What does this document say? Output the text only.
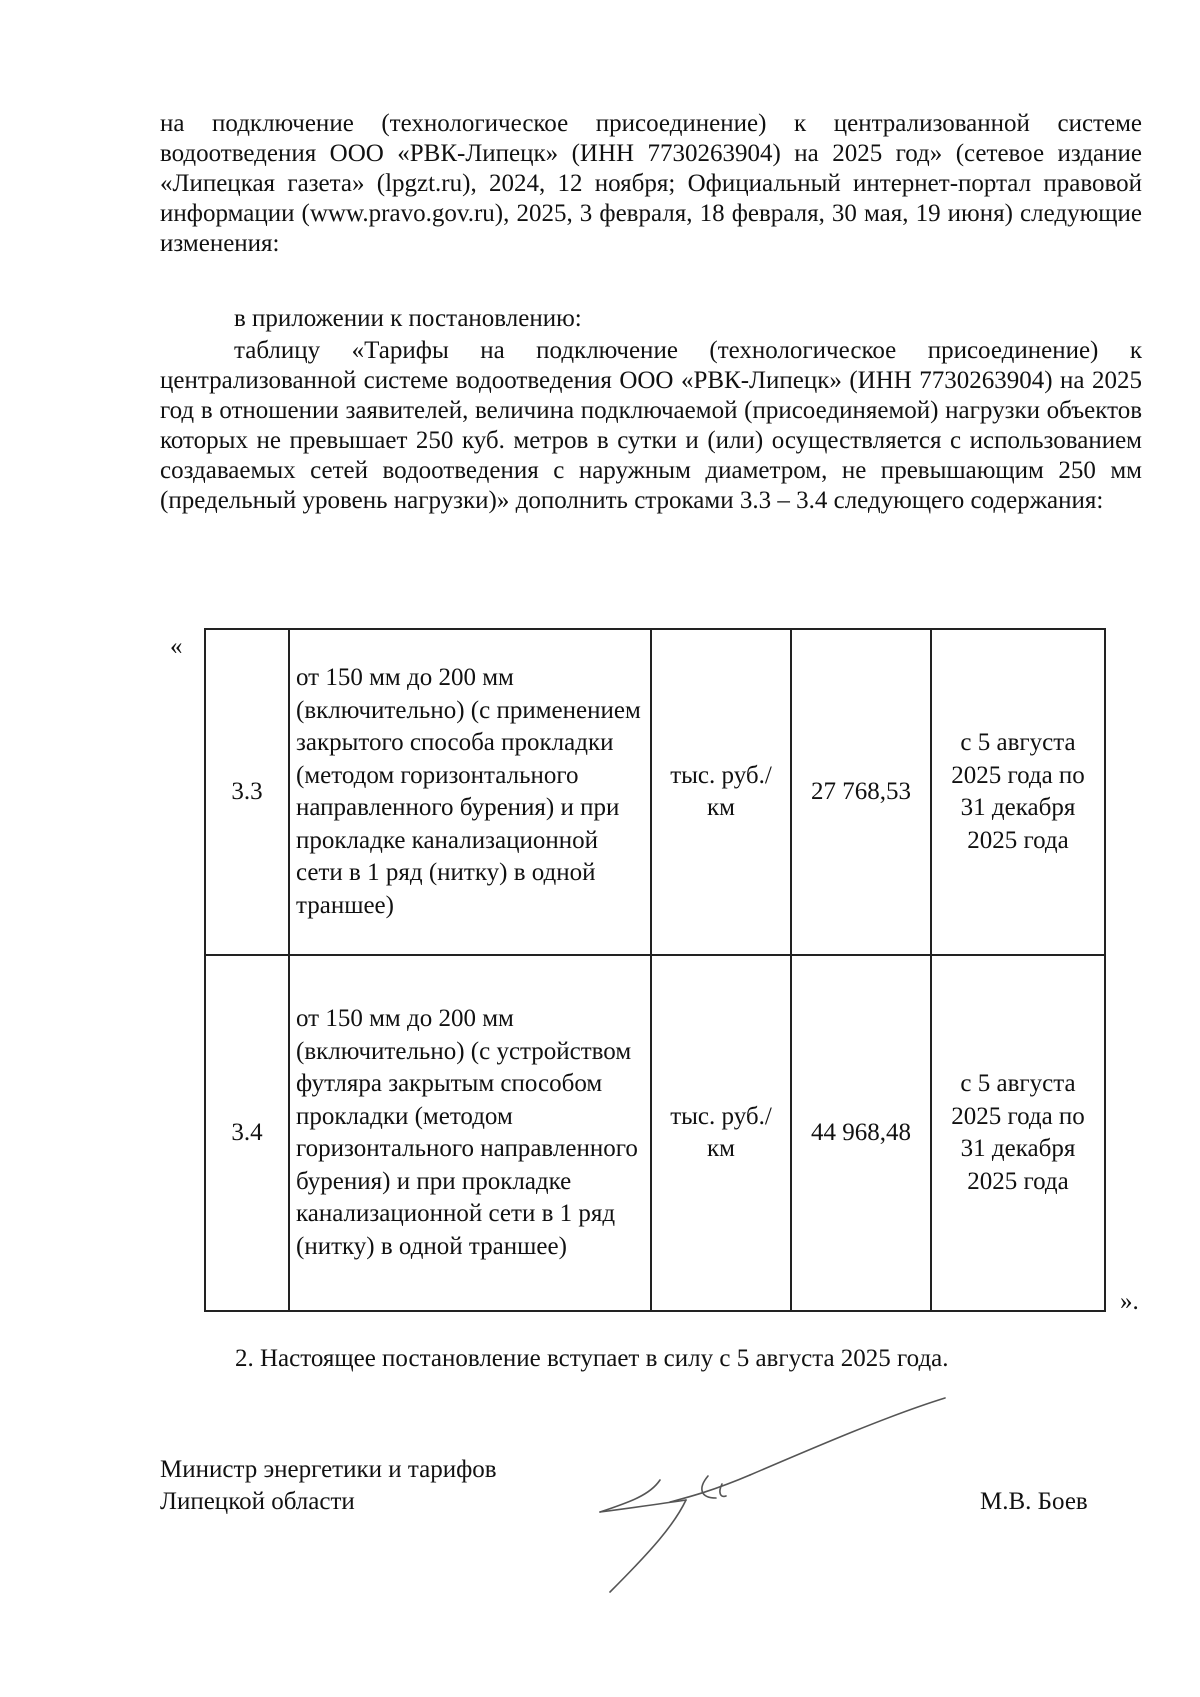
на подключение (технологическое присоединение) к централизованной системе водоотведения ООО «РВК-Липецк» (ИНН 7730263904) на 2025 год» (сетевое издание «Липецкая газета» (lpgzt.ru), 2024, 12 ноября; Официальный интернет-портал правовой информации (www.pravo.gov.ru), 2025, 3 февраля, 18 февраля, 30 мая, 19 июня) следующие изменения:

в приложении к постановлению:

таблицу «Тарифы на подключение (технологическое присоединение) к централизованной системе водоотведения ООО «РВК-Липецк» (ИНН 7730263904) на 2025 год в отношении заявителей, величина подключаемой (присоединяемой) нагрузки объектов которых не превышает 250 куб. метров в сутки и (или) осуществляется с использованием создаваемых сетей водоотведения с наружным диаметром, не превышающим 250 мм (предельный уровень нагрузки)» дополнить строками 3.3 – 3.4 следующего содержания:

«
3.3	от 150 мм до 200 мм (включительно) (с применением закрытого способа прокладки (методом горизонтального направленного бурения) и при прокладке канализационной сети в 1 ряд (нитку) в одной траншее)	тыс. руб./км	27 768,53	с 5 августа 2025 года по 31 декабря 2025 года
3.4	от 150 мм до 200 мм (включительно) (с устройством футляра закрытым способом прокладки (методом горизонтального направленного бурения) и при прокладке канализационной сети в 1 ряд (нитку) в одной траншее)	тыс. руб./км	44 968,48	с 5 августа 2025 года по 31 декабря 2025 года
».

2. Настоящее постановление вступает в силу с 5 августа 2025 года.

Министр энергетики и тарифов
Липецкой области	М.В. Боев
